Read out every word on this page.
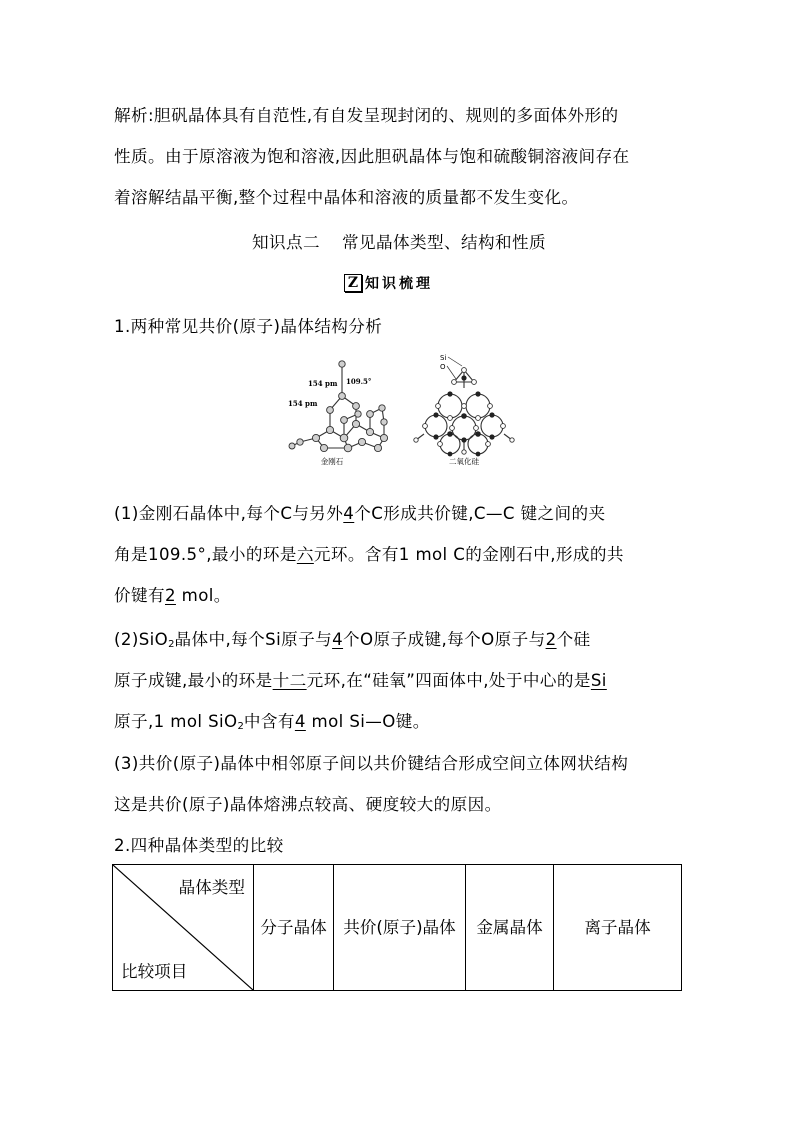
解析:胆矾晶体具有自范性,有自发呈现封闭的、规则的多面体外形的

性质。由于原溶液为饱和溶液,因此胆矾晶体与饱和硫酸铜溶液间存在

着溶解结晶平衡,整个过程中晶体和溶液的质量都不发生变化。

知识点二 常见晶体类型、结构和性质

Z 知识梳理

1.两种常见共价(原子)晶体结构分析

154 pm
154 pm
109.5°
金刚石
Si
O
二氧化硅

(1)金刚石晶体中,每个C与另外4个C形成共价键,C—C 键之间的夹

角是109.5°,最小的环是六元环。含有1 mol C的金刚石中,形成的共

价键有2 mol。

(2)SiO$_2$晶体中,每个Si原子与4个O原子成键,每个O原子与2个硅

原子成键,最小的环是十二元环,在“硅氧”四面体中,处于中心的是Si

原子,1 mol SiO$_2$中含有4 mol Si—O键。

(3)共价(原子)晶体中相邻原子间以共价键结合形成空间立体网状结构

这是共价(原子)晶体熔沸点较高、硬度较大的原因。

2.四种晶体类型的比较

晶体类型
比较项目
	分子晶体	共价(原子)晶体	金属晶体	离子晶体
